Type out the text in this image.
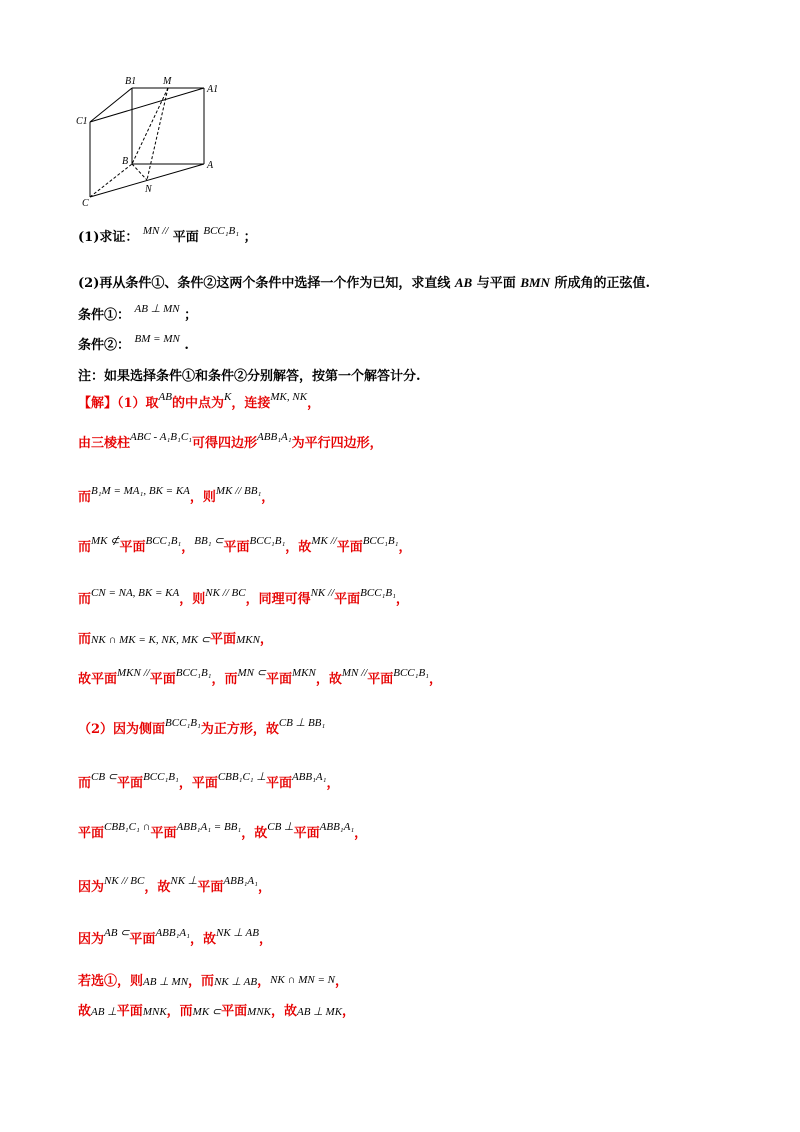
B1	M
A1
C1
B	A
N
C
(1)求证： $^{MN //}$ 平面 $^{BCC_1B_1}$ ；
(2)再从条件①、条件②这两个条件中选择一个作为已知，求直线 AB 与平面 BMN 所成角的正弦值.
条件①： $^{AB \perp MN}$ ；
条件②： $^{BM = MN}$ .
注：如果选择条件①和条件②分别解答，按第一个解答计分.
【解】（1）取$^{AB}$的中点为$^K$，连接$^{MK, NK}$，
由三棱柱$^{ABC - A_1B_1C_1}$可得四边形$^{ABB_1A_1}$为平行四边形，
而$^{B_1M = MA_1, BK = KA}$，则$^{MK // BB_1}$，
而$^{MK ⊄}$平面$^{BCC_1B_1}$，$^{BB_1 \subset}$平面$^{BCC_1B_1}$，故$^{MK //}$平面$^{BCC_1B_1}$，
而$^{CN = NA, BK = KA}$，则$^{NK // BC}$，同理可得$^{NK //}$平面$^{BCC_1B_1}$，
而NK ∩ MK = K, NK, MK ⊂平面MKN，
故平面$^{MKN //}$平面$^{BCC_1B_1}$，而$^{MN \subset}$平面$^{MKN}$，故$^{MN //}$平面$^{BCC_1B_1}$，
（2）因为侧面$^{BCC_1B_1}$为正方形，故$^{CB \perp BB_1}$
而$^{CB \subset}$平面$^{BCC_1B_1}$，平面$^{CBB_1C_1 \perp}$平面$^{ABB_1A_1}$，
平面$^{CBB_1C_1 \cap}$平面$^{ABB_1A_1 = BB_1}$，故$^{CB \perp}$平面$^{ABB_1A_1}$，
因为$^{NK // BC}$，故$^{NK \perp}$平面$^{ABB_1A_1}$，
因为$^{AB \subset}$平面$^{ABB_1A_1}$，故$^{NK \perp AB}$，
若选①，则AB ⊥ MN，而NK ⊥ AB，NK ∩ MN = N，
故AB ⊥平面MNK，而MK ⊂平面MNK，故AB ⊥ MK，
